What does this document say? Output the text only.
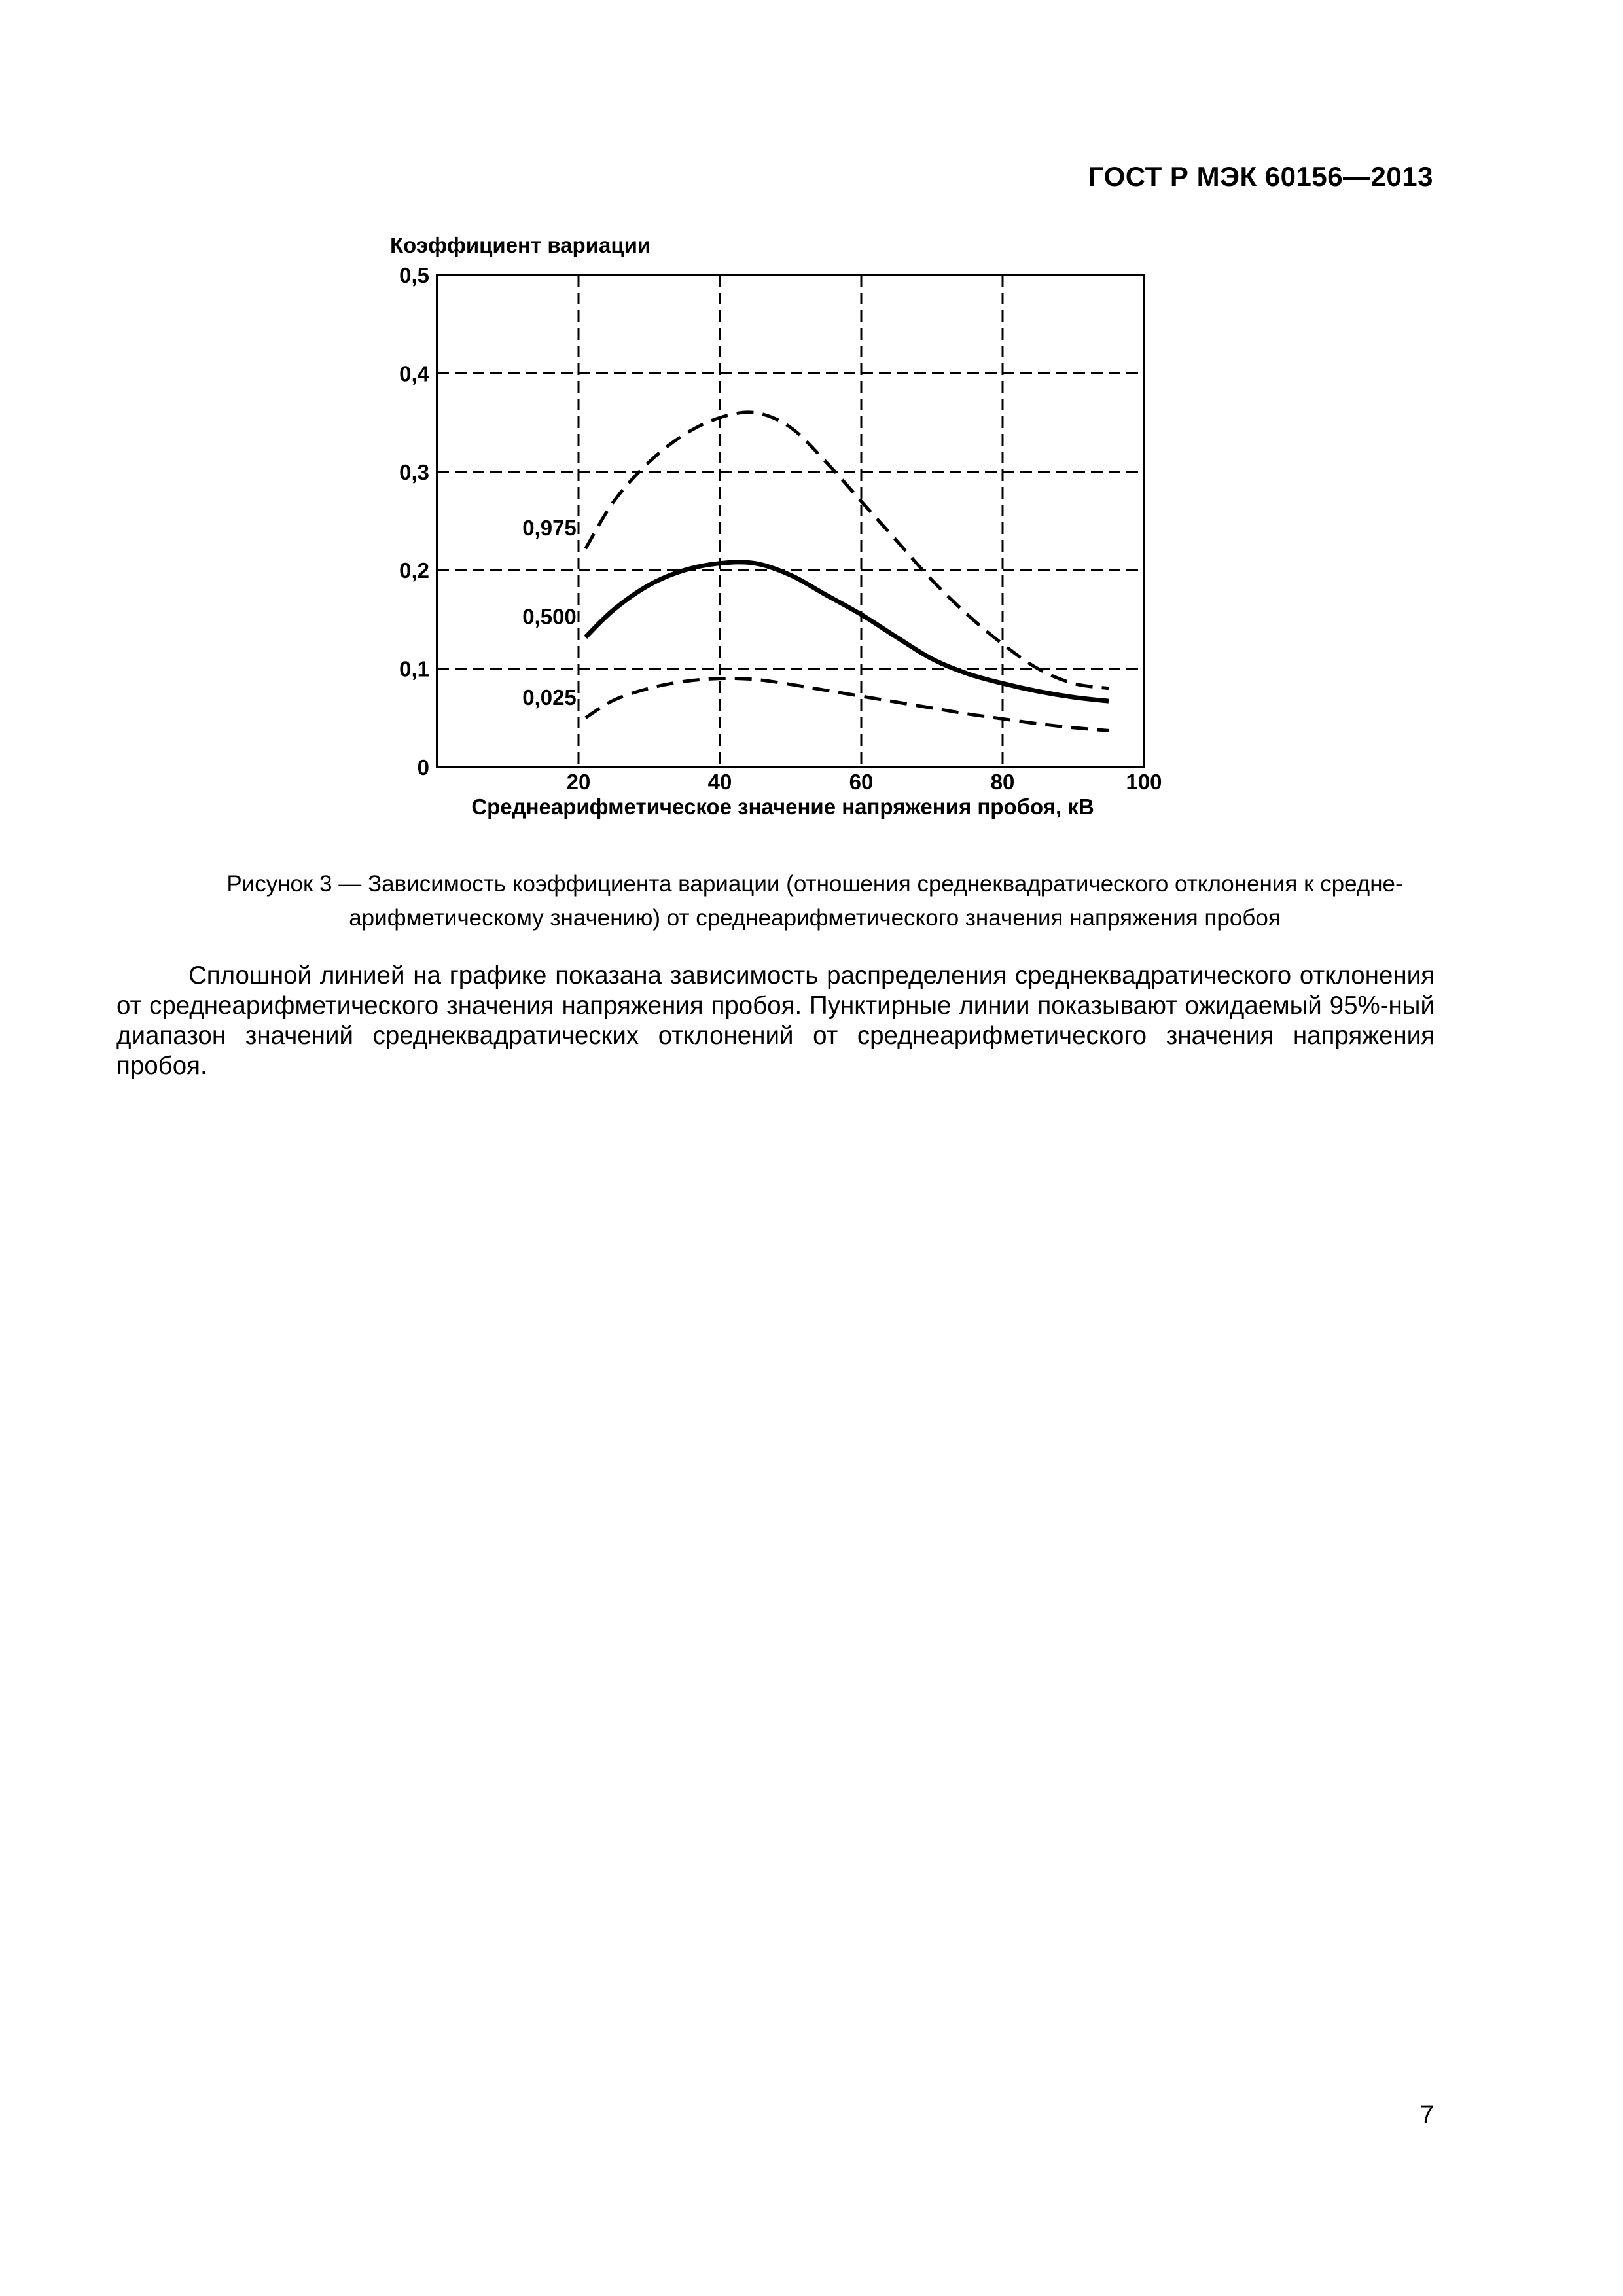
ГОСТ Р МЭК 60156—2013
Коэффициент вариации
0
0,1
0,2
0,3
0,4
0,5
20	40	60	80	100
Среднеарифметическое значение напряжения пробоя, кВ
0,975
0,500
0,025
Рисунок 3 — Зависимость коэффициента вариации (отношения среднеквадратического отклонения к средне-
арифметическому значению) от среднеарифметического значения напряжения пробоя
Сплошной линией на графике показана зависимость распределения среднеквадратического отклонения от среднеарифметического значения напряжения пробоя. Пунктирные линии показывают ожидаемый 95%-ный диапазон значений среднеквадратических отклонений от среднеарифметического значения напряжения пробоя.
7
